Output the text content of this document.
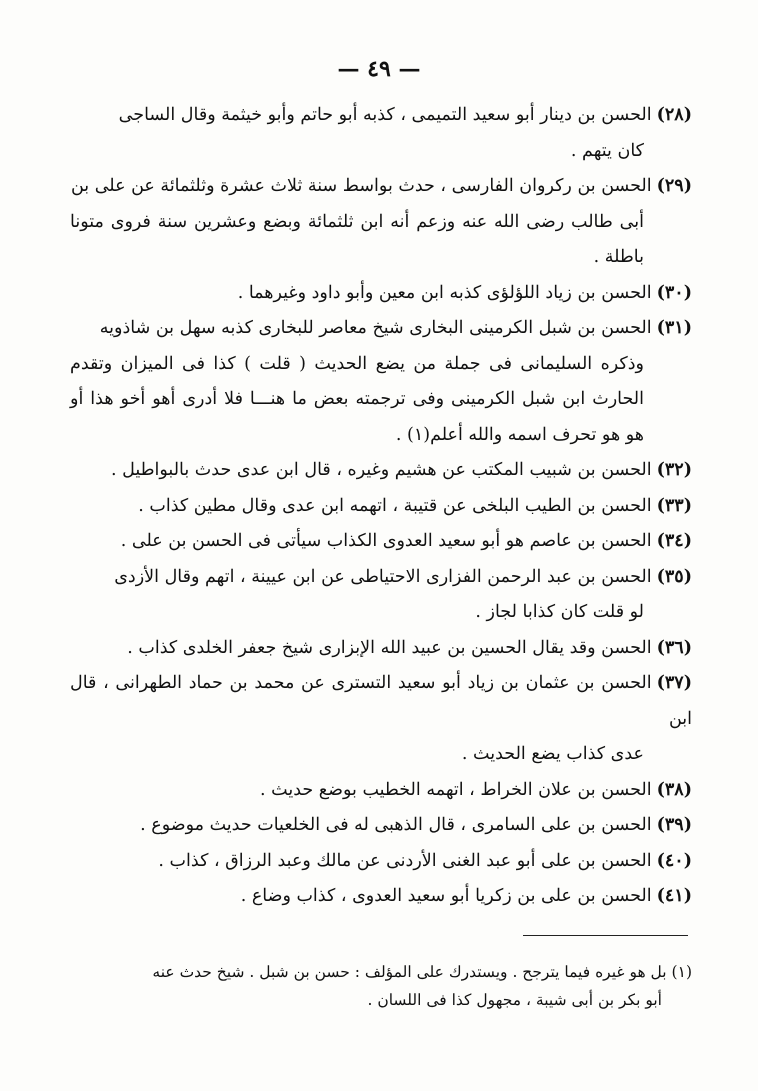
— ٤٩ —
(٢٨)الحسن بن دينار أبو سعيد التميمى ، كذبه أبو حاتم وأبو خيثمة وقال الساجى
كان يتهم .
(٢٩)الحسن بن ركروان الفارسى ، حدث بواسط سنة ثلاث عشرة وثلثمائة عن على بن
أبى طالب رضى الله عنه وزعم أنه ابن ثلثمائة وبضع وعشرين سنة فروى متونا باطلة .
(٣٠)الحسن بن زياد اللؤلؤى كذبه ابن معين وأبو داود وغيرهما .
(٣١)الحسن بن شبل الكرمينى البخارى شيخ معاصر للبخارى كذبه سهل بن شاذويه
وذكره السليمانى فى جملة من يضع الحديث ( قلت ) كذا فى الميزان وتقدم الحارث ابن شبل الكرمينى وفى ترجمته بعض ما هنـــا فلا أدرى أهو أخو هذا أو هو هو تحرف اسمه والله أعلم(١) .
(٣٢)الحسن بن شبيب المكتب عن هشيم وغيره ، قال ابن عدى حدث بالبواطيل .
(٣٣)الحسن بن الطيب البلخى عن قتيبة ، اتهمه ابن عدى وقال مطين كذاب .
(٣٤)الحسن بن عاصم هو أبو سعيد العدوى الكذاب سيأتى فى الحسن بن على .
(٣٥)الحسن بن عبد الرحمن الفزارى الاحتياطى عن ابن عيينة ، اتهم وقال الأزدى
لو قلت كان كذابا لجاز .
(٣٦)الحسن وقد يقال الحسين بن عبيد الله الإبزارى شيخ جعفر الخلدى كذاب .
(٣٧)الحسن بن عثمان بن زياد أبو سعيد التسترى عن محمد بن حماد الطهرانى ، قال ابن
عدى كذاب يضع الحديث .
(٣٨)الحسن بن علان الخراط ، اتهمه الخطيب بوضع حديث .
(٣٩)الحسن بن على السامرى ، قال الذهبى له فى الخلعيات حديث موضوع .
(٤٠)الحسن بن على أبو عبد الغنى الأردنى عن مالك وعبد الرزاق ، كذاب .
(٤١)الحسن بن على بن زكريا أبو سعيد العدوى ، كذاب وضاع .
(١) بل هو غيره فيما يترجح . ويستدرك على المؤلف : حسن بن شبل . شيخ حدث عنه
أبو بكر بن أبى شيبة ، مجهول كذا فى اللسان .
